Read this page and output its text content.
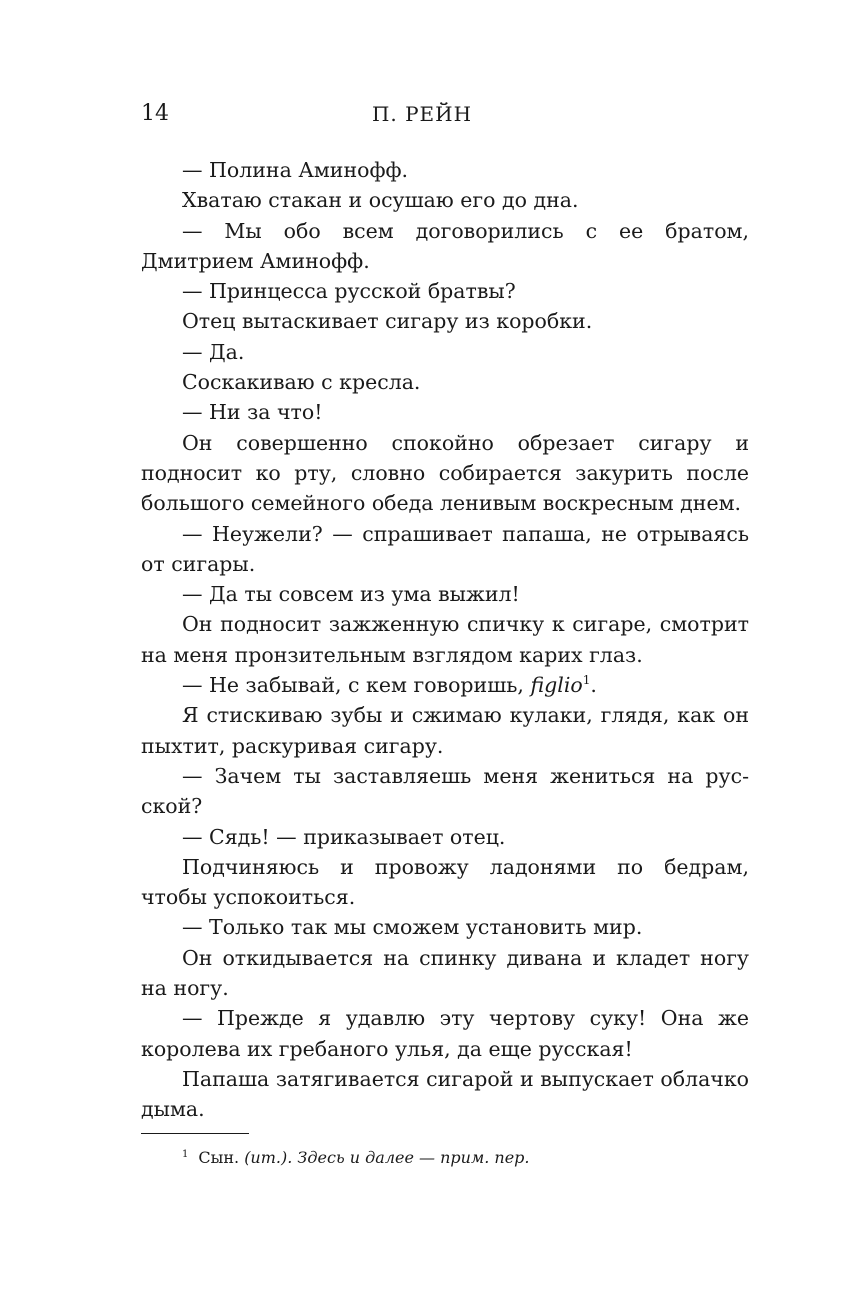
14	П. РЕЙН

— Полина Аминофф.

Хватаю стакан и осушаю его до дна.

— Мы обо всем договорились с ее братом, Дмитрием Аминофф.

— Принцесса русской братвы?

Отец вытаскивает сигару из коробки.

— Да.

Соскакиваю с кресла.

— Ни за что!

Он совершенно спокойно обрезает сигару и подносит ко рту, словно собирается закурить после большого семейного обеда ленивым воскресным днем.

— Неужели? — спрашивает папаша, не отрываясь от сигары.

— Да ты совсем из ума выжил!

Он подносит зажженную спичку к сигаре, смотрит на меня пронзительным взглядом карих глаз.

— Не забывай, с кем говоришь, figlio$^1$.

Я стискиваю зубы и сжимаю кулаки, глядя, как он пыхтит, раскуривая сигару.

— Зачем ты заставляешь меня жениться на русской?

— Сядь! — приказывает отец.

Подчиняюсь и провожу ладонями по бедрам, чтобы успокоиться.

— Только так мы сможем установить мир.

Он откидывается на спинку дивана и кладет ногу на ногу.

— Прежде я удавлю эту чертову суку! Она же королева их гребаного улья, да еще русская!

Папаша затягивается сигарой и выпускает облачко дыма.

$^1$ Сын. (ит.). Здесь и далее — прим. пер.
